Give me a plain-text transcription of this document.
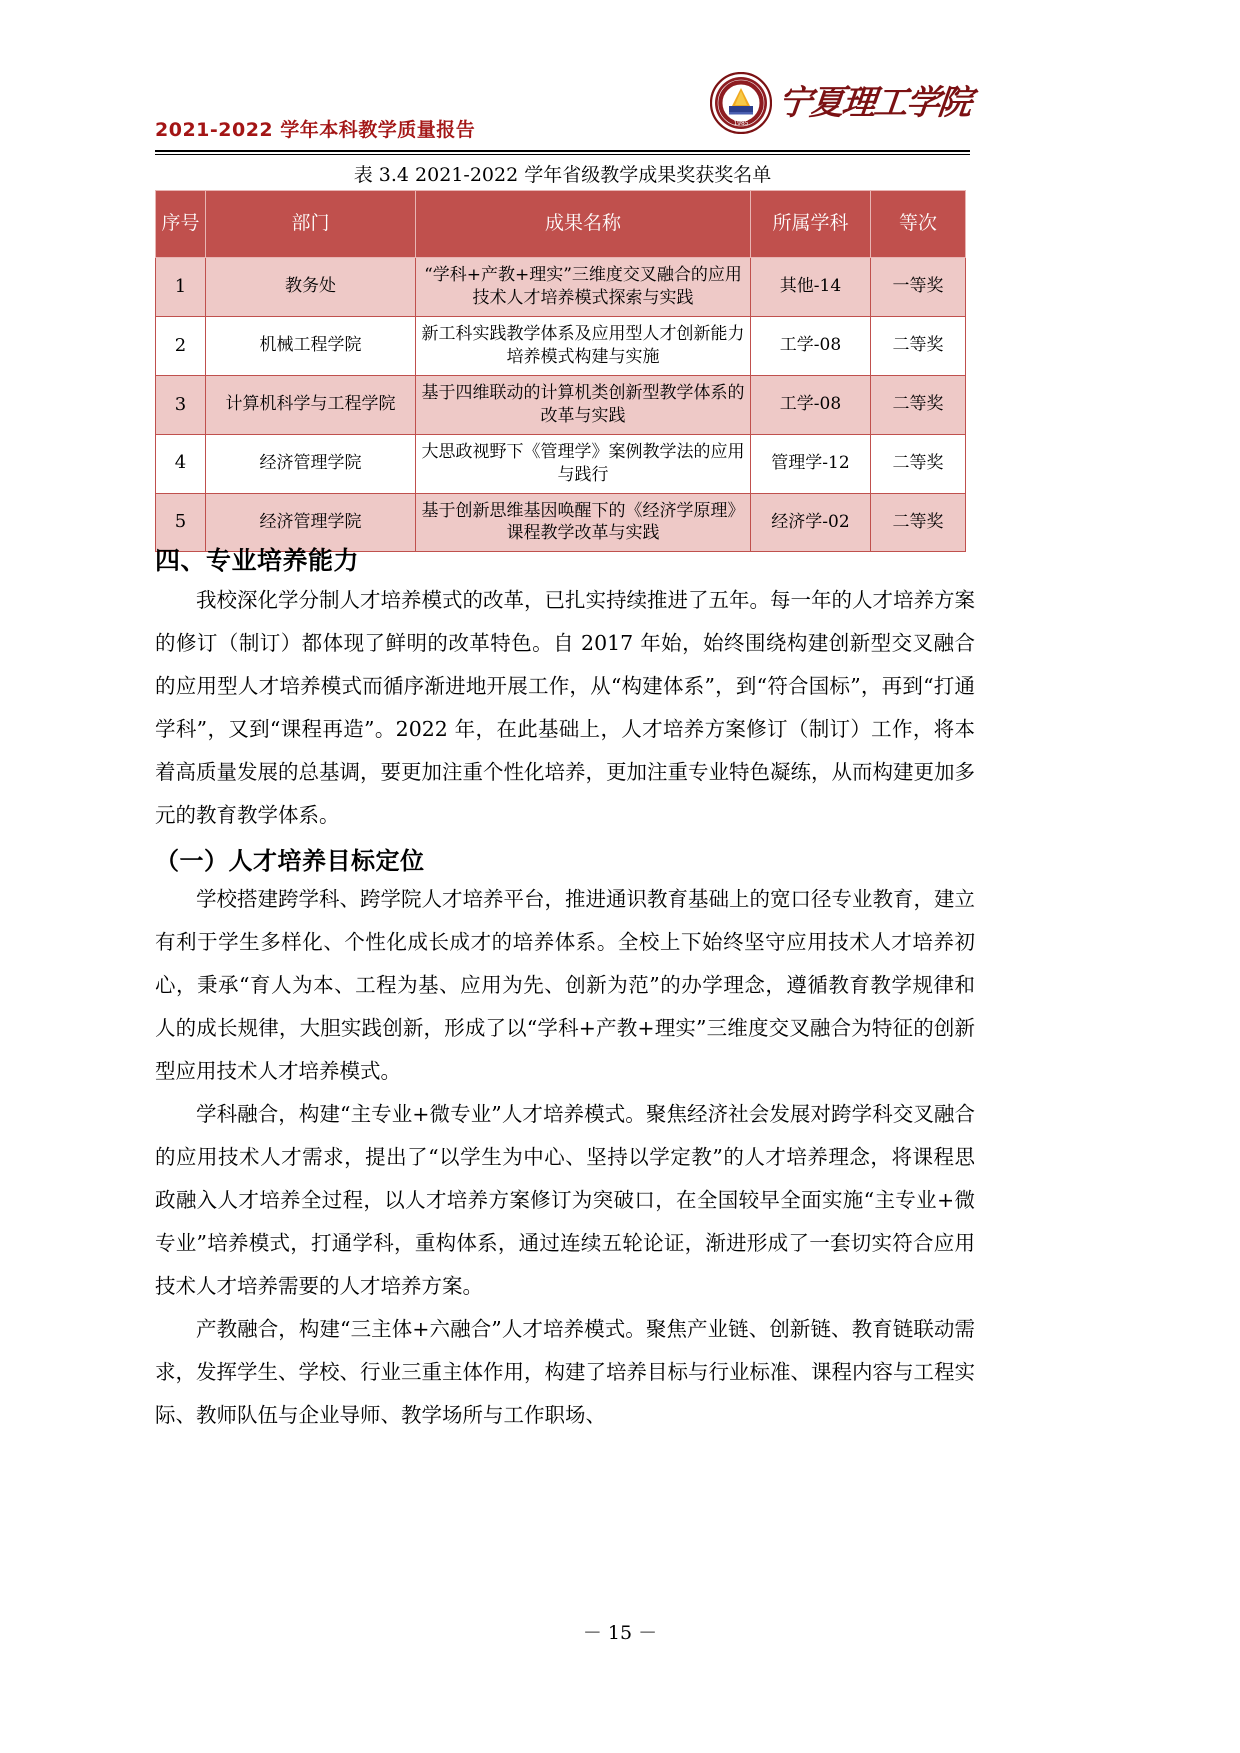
2021-2022 学年本科教学质量报告	1985
宁夏理工学院
表 3.4 2021-2022 学年省级教学成果奖获奖名单
序号	部门	成果名称	所属学科	等次
1	教务处	“学科+产教+理实”三维度交叉融合的应用技术人才培养模式探索与实践	其他-14	一等奖
2	机械工程学院	新工科实践教学体系及应用型人才创新能力培养模式构建与实施	工学-08	二等奖
3	计算机科学与工程学院	基于四维联动的计算机类创新型教学体系的改革与实践	工学-08	二等奖
4	经济管理学院	大思政视野下《管理学》案例教学法的应用与践行	管理学-12	二等奖
5	经济管理学院	基于创新思维基因唤醒下的《经济学原理》课程教学改革与实践	经济学-02	二等奖
四、专业培养能力

我校深化学分制人才培养模式的改革，已扎实持续推进了五年。每一年的人才培养方案的修订（制订）都体现了鲜明的改革特色。自 2017 年始，始终围绕构建创新型交叉融合的应用型人才培养模式而循序渐进地开展工作，从“构建体系”，到“符合国标”，再到“打通学科”，又到“课程再造”。2022 年，在此基础上，人才培养方案修订（制订）工作，将本着高质量发展的总基调，要更加注重个性化培养，更加注重专业特色凝练，从而构建更加多元的教育教学体系。

（一）人才培养目标定位

学校搭建跨学科、跨学院人才培养平台，推进通识教育基础上的宽口径专业教育，建立有利于学生多样化、个性化成长成才的培养体系。全校上下始终坚守应用技术人才培养初心，秉承“育人为本、工程为基、应用为先、创新为范”的办学理念，遵循教育教学规律和人的成长规律，大胆实践创新，形成了以“学科+产教+理实”三维度交叉融合为特征的创新型应用技术人才培养模式。

学科融合，构建“主专业+微专业”人才培养模式。聚焦经济社会发展对跨学科交叉融合的应用技术人才需求，提出了“以学生为中心、坚持以学定教”的人才培养理念，将课程思政融入人才培养全过程，以人才培养方案修订为突破口，在全国较早全面实施“主专业+微专业”培养模式，打通学科，重构体系，通过连续五轮论证，渐进形成了一套切实符合应用技术人才培养需要的人才培养方案。

产教融合，构建“三主体+六融合”人才培养模式。聚焦产业链、创新链、教育链联动需求，发挥学生、学校、行业三重主体作用，构建了培养目标与行业标准、课程内容与工程实际、教师队伍与企业导师、教学场所与工作职场、

－ 15 －
